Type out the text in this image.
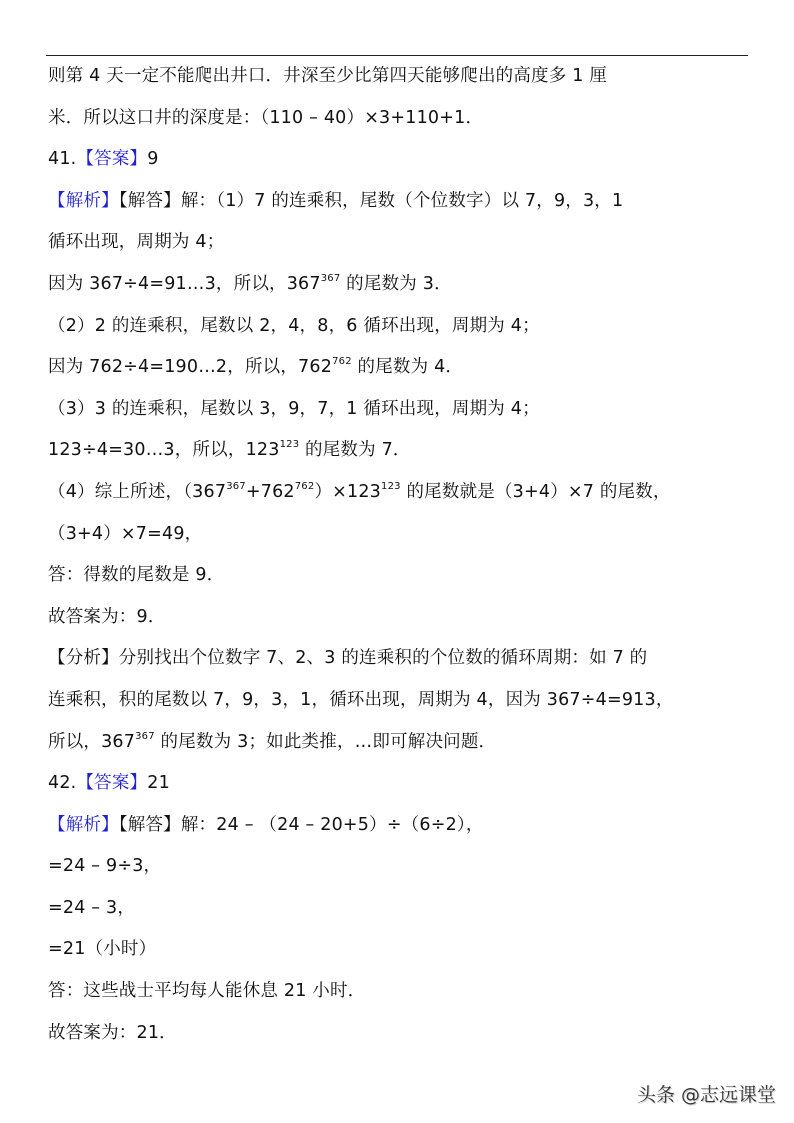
则第 4 天一定不能爬出井口．井深至少比第四天能够爬出的高度多 1 厘
米．所以这口井的深度是：（110 – 40）×3+110+1．
41.【答案】9
【解析】【解答】解：（1）7 的连乘积，尾数（个位数字）以 7，9，3，1
循环出现，周期为 4；
因为 367÷4=91…3，所以，$367^{367}$ 的尾数为 3．
（2）2 的连乘积，尾数以 2，4，8，6 循环出现，周期为 4；
因为 762÷4=190…2，所以，$762^{762}$ 的尾数为 4．
（3）3 的连乘积，尾数以 3，9，7，1 循环出现，周期为 4；
123÷4=30…3，所以，$123^{123}$ 的尾数为 7．
（4）综上所述，$(367^{367}+762^{762})\times 123^{123}$ 的尾数就是（3+4）×7 的尾数，
（3+4）×7=49，
答：得数的尾数是 9．
故答案为：9．
【分析】分别找出个位数字 7、2、3 的连乘积的个位数的循环周期：如 7 的
连乘积，积的尾数以 7，9，3，1，循环出现，周期为 4，因为 367÷4=913，
所以，$367^{367}$ 的尾数为 3；如此类推，…即可解决问题．
42.【答案】21
【解析】【解答】解：24 – （24 – 20+5）÷（6÷2），
=24 – 9÷3，
=24 – 3，
=21（小时）
答：这些战士平均每人能休息 21 小时．
故答案为：21．
头条 @志远课堂
